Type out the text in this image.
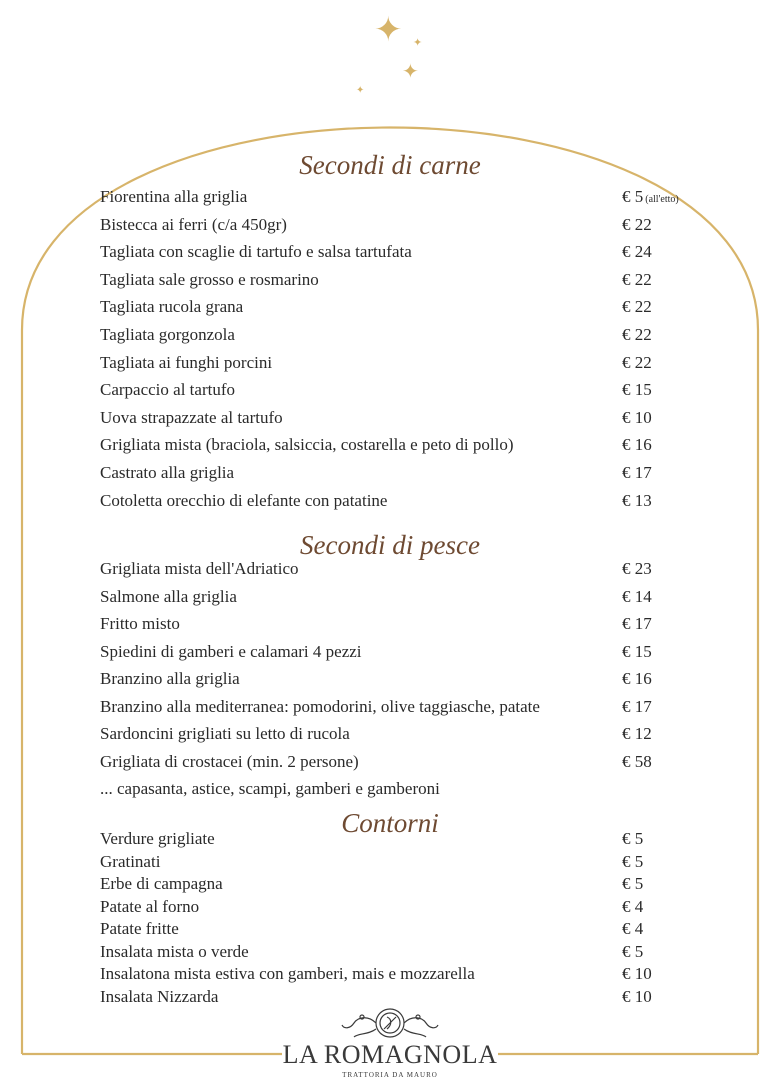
✦ ✦
✦
✦
Secondi di carne
Secondi di pesce
Contorni
Fiorentina alla griglia	€ 5 (all'etto)
Bistecca ai ferri (c/a 450gr)	€ 22
Tagliata con scaglie di tartufo e salsa tartufata	€ 24
Tagliata sale grosso e rosmarino	€ 22
Tagliata rucola grana	€ 22
Tagliata gorgonzola	€ 22
Tagliata ai funghi porcini	€ 22
Carpaccio al tartufo	€ 15
Uova strapazzate al tartufo	€ 10
Grigliata mista (braciola, salsiccia, costarella e peto di pollo)	€ 16
Castrato alla griglia	€ 17
Cotoletta orecchio di elefante con patatine	€ 13
Grigliata mista dell'Adriatico	€ 23
Salmone alla griglia	€ 14
Fritto misto	€ 17
Spiedini di gamberi e calamari 4 pezzi	€ 15
Branzino alla griglia	€ 16
Branzino alla mediterranea: pomodorini, olive taggiasche, patate	€ 17
Sardoncini grigliati su letto di rucola	€ 12
Grigliata di crostacei (min. 2 persone)	€ 58
... capasanta, astice, scampi, gamberi e gamberoni
Verdure grigliate	€ 5
Gratinati	€ 5
Erbe di campagna	€ 5
Patate al forno	€ 4
Patate fritte	€ 4
Insalata mista o verde	€ 5
Insalatona mista estiva con gamberi, mais e mozzarella	€ 10
Insalata Nizzarda	€ 10
LA ROMAGNOLA
TRATTORIA DA MAURO
